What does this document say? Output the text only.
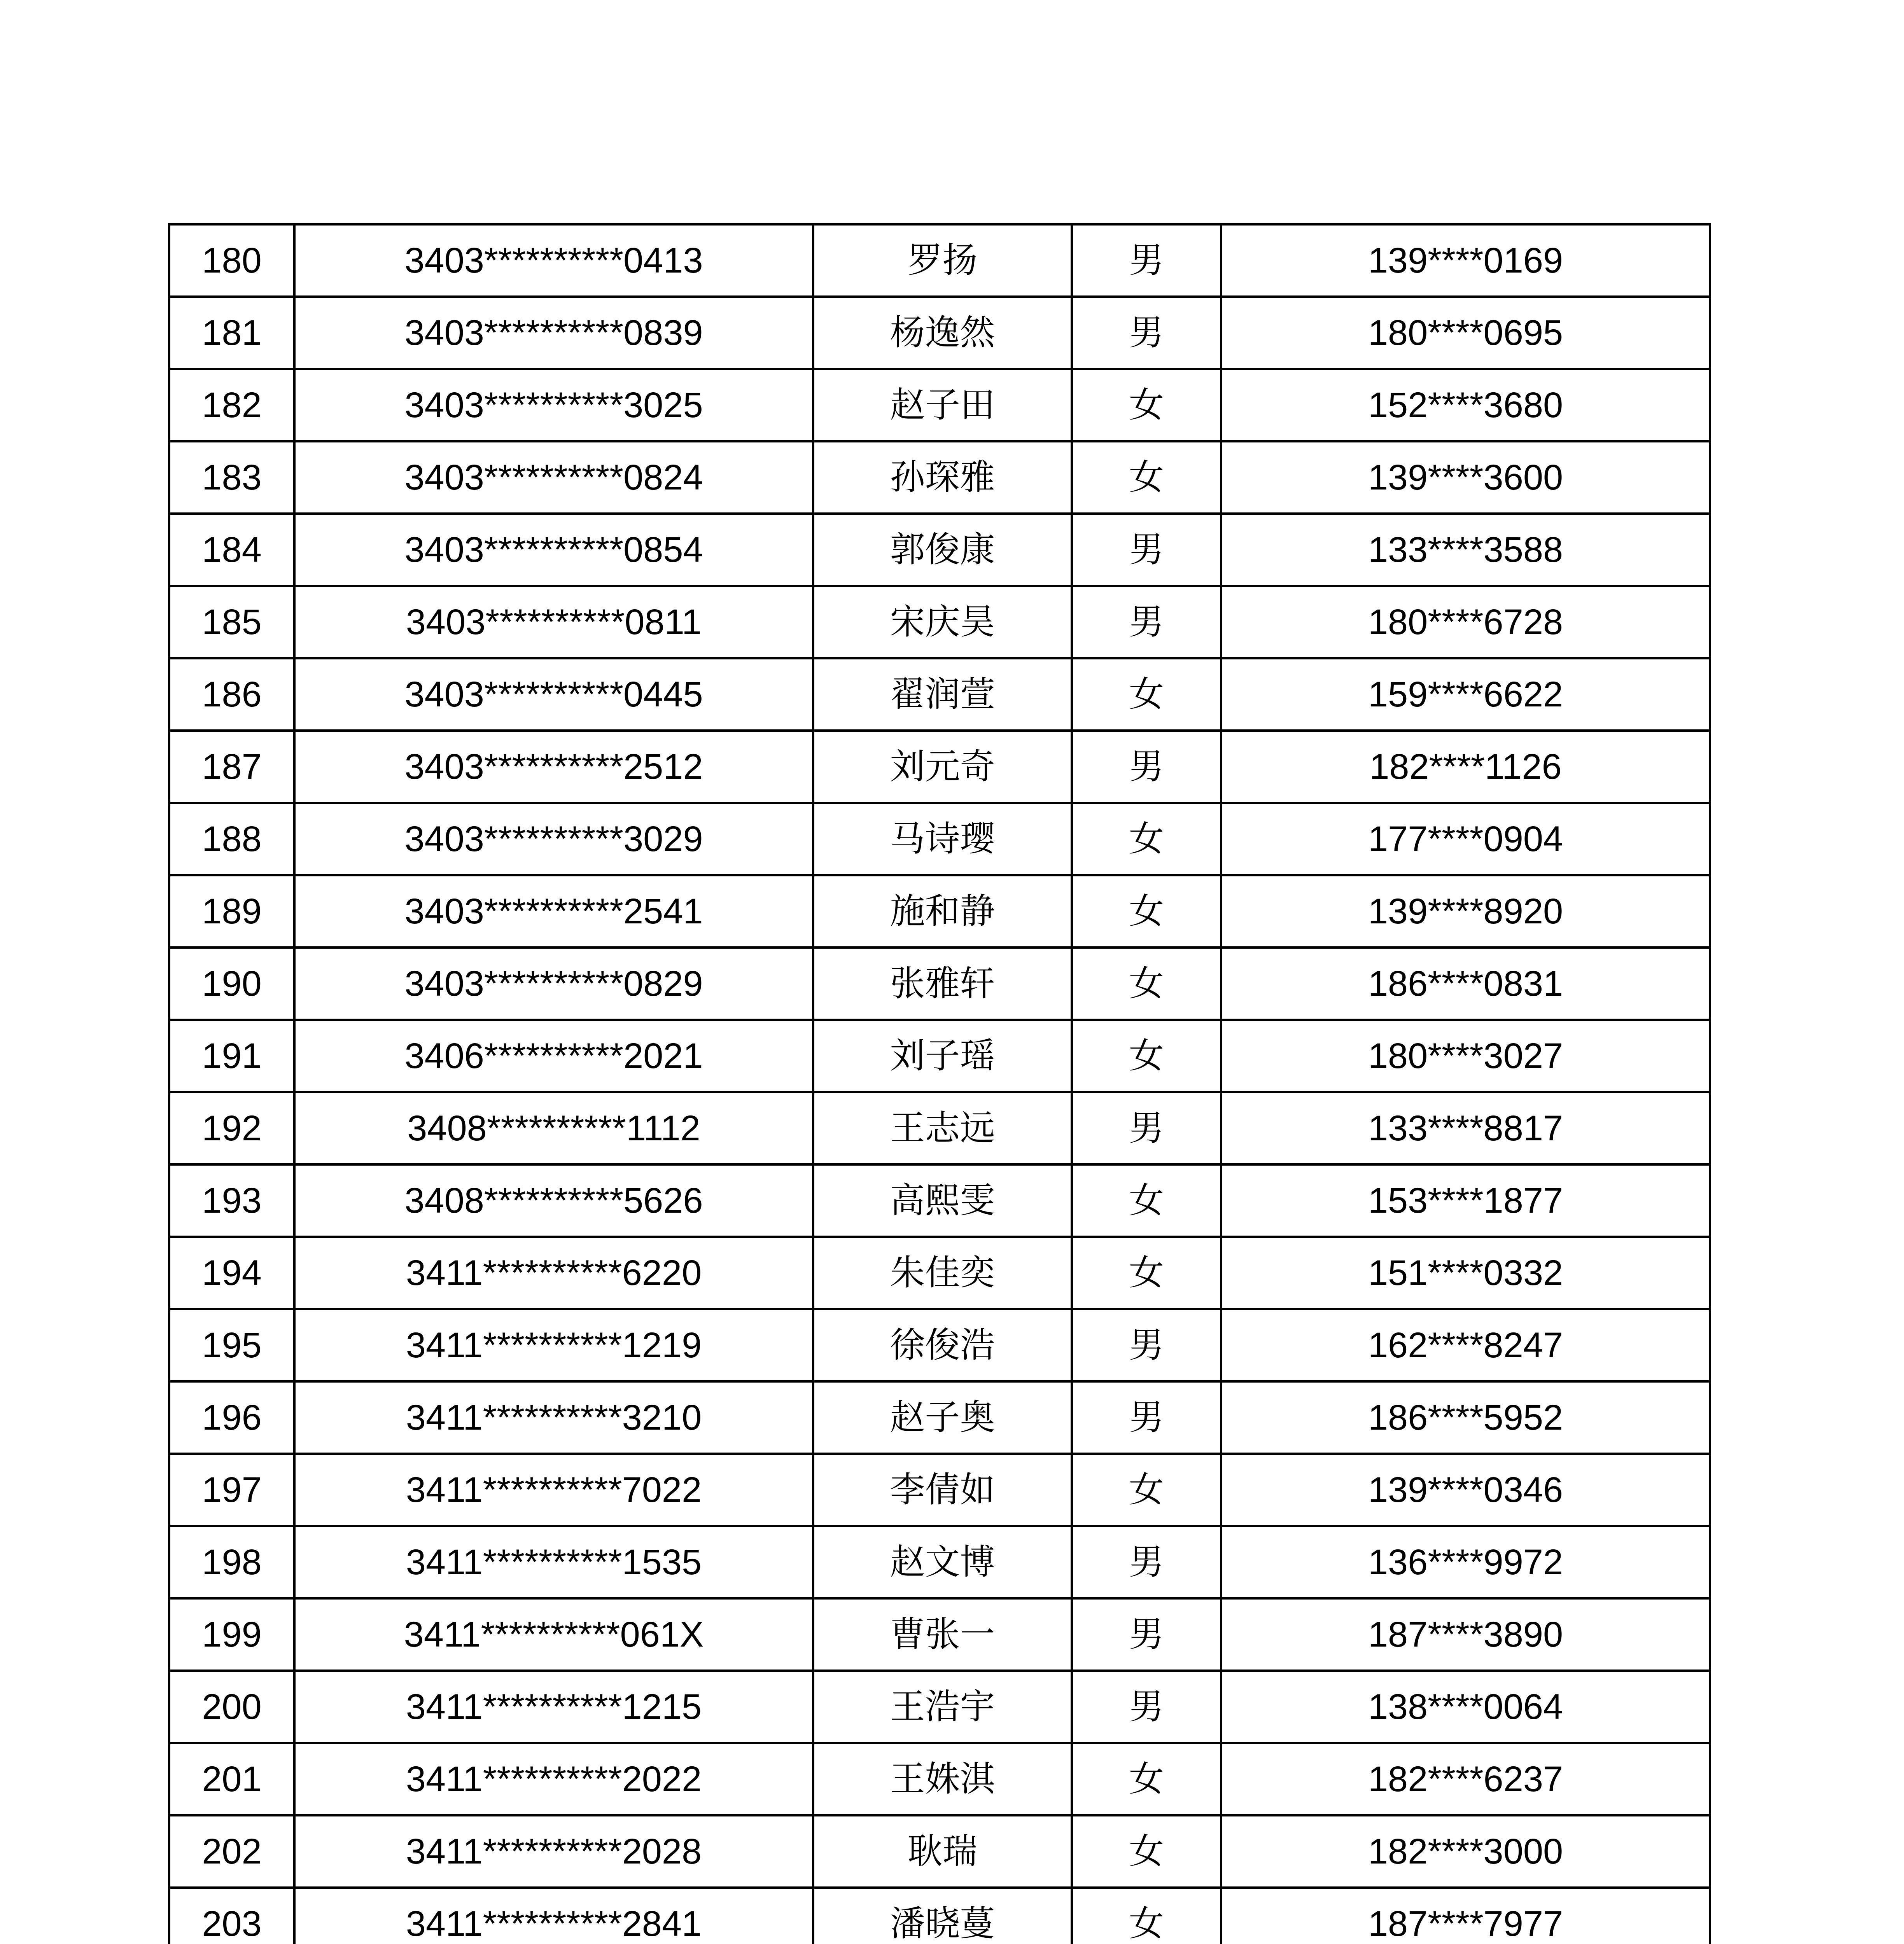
180	3403**********0413	罗扬	男	139****0169
181	3403**********0839	杨逸然	男	180****0695
182	3403**********3025	赵子田	女	152****3680
183	3403**********0824	孙琛雅	女	139****3600
184	3403**********0854	郭俊康	男	133****3588
185	3403**********0811	宋庆昊	男	180****6728
186	3403**********0445	翟润萱	女	159****6622
187	3403**********2512	刘元奇	男	182****1126
188	3403**********3029	马诗璎	女	177****0904
189	3403**********2541	施和静	女	139****8920
190	3403**********0829	张雅轩	女	186****0831
191	3406**********2021	刘子瑶	女	180****3027
192	3408**********1112	王志远	男	133****8817
193	3408**********5626	高熙雯	女	153****1877
194	3411**********6220	朱佳奕	女	151****0332
195	3411**********1219	徐俊浩	男	162****8247
196	3411**********3210	赵子奥	男	186****5952
197	3411**********7022	李倩如	女	139****0346
198	3411**********1535	赵文博	男	136****9972
199	3411**********061X	曹张一	男	187****3890
200	3411**********1215	王浩宇	男	138****0064
201	3411**********2022	王姝淇	女	182****6237
202	3411**********2028	耿瑞	女	182****3000
203	3411**********2841	潘晓蔓	女	187****7977
